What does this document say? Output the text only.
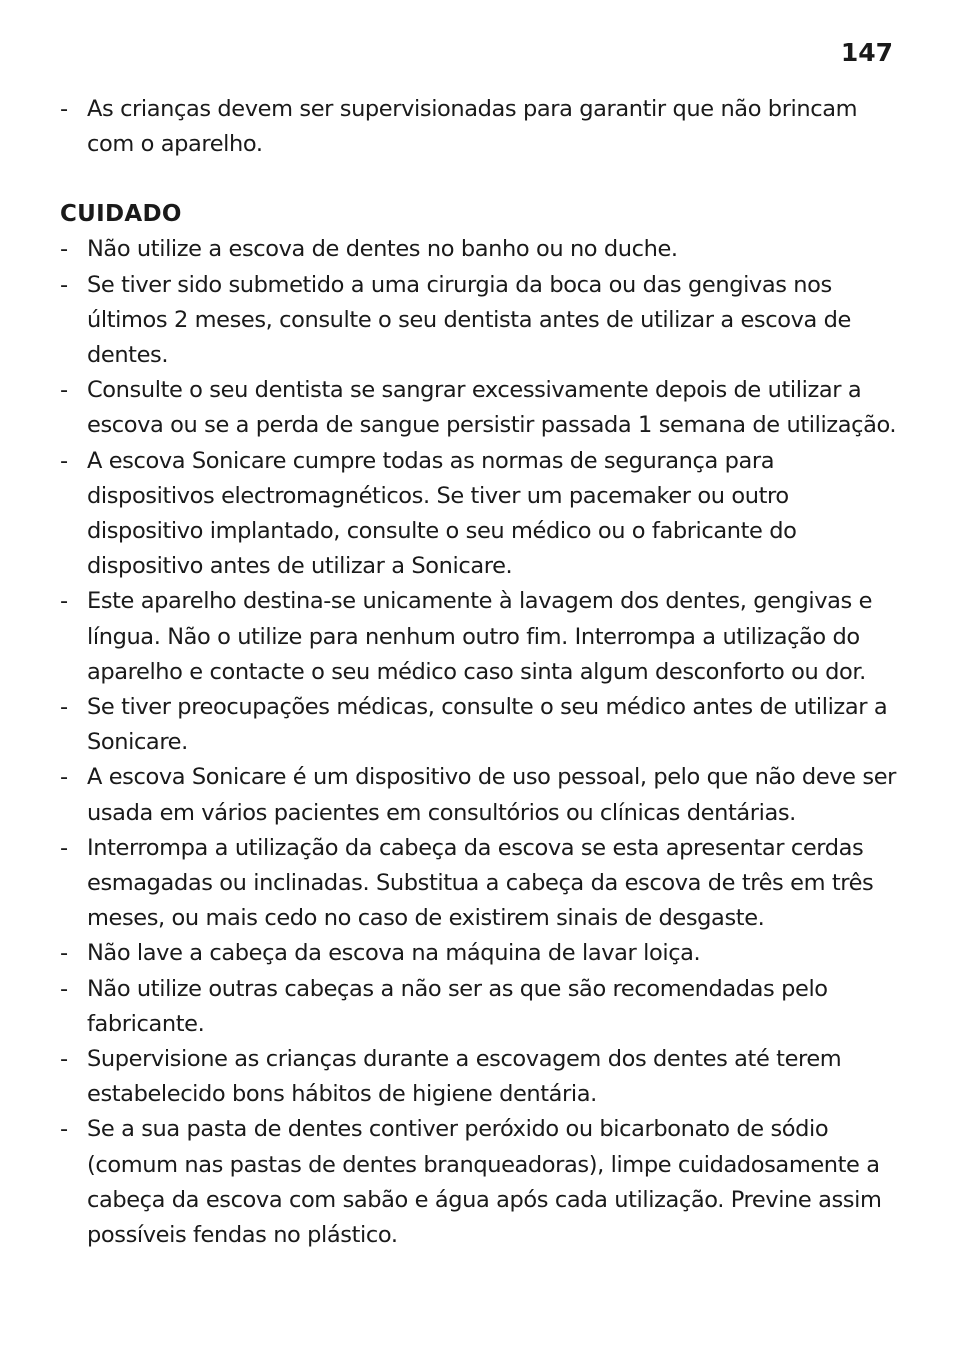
147
- As crianças devem ser supervisionadas para garantir que não brincam com o aparelho.
CUIDADO
- Não utilize a escova de dentes no banho ou no duche.
- Se tiver sido submetido a uma cirurgia da boca ou das gengivas nos últimos 2 meses, consulte o seu dentista antes de utilizar a escova de dentes.
- Consulte o seu dentista se sangrar excessivamente depois de utilizar a escova ou se a perda de sangue persistir passada 1 semana de utilização.
- A escova Sonicare cumpre todas as normas de segurança para dispositivos electromagnéticos. Se tiver um pacemaker ou outro dispositivo implantado, consulte o seu médico ou o fabricante do dispositivo antes de utilizar a Sonicare.
- Este aparelho destina-se unicamente à lavagem dos dentes, gengivas e língua. Não o utilize para nenhum outro fim. Interrompa a utilização do aparelho e contacte o seu médico caso sinta algum desconforto ou dor.
- Se tiver preocupações médicas, consulte o seu médico antes de utilizar a Sonicare.
- A escova Sonicare é um dispositivo de uso pessoal, pelo que não deve ser usada em vários pacientes em consultórios ou clínicas dentárias.
- Interrompa a utilização da cabeça da escova se esta apresentar cerdas esmagadas ou inclinadas. Substitua a cabeça da escova de três em três meses, ou mais cedo no caso de existirem sinais de desgaste.
- Não lave a cabeça da escova na máquina de lavar loiça.
- Não utilize outras cabeças a não ser as que são recomendadas pelo fabricante.
- Supervisione as crianças durante a escovagem dos dentes até terem estabelecido bons hábitos de higiene dentária.
- Se a sua pasta de dentes contiver peróxido ou bicarbonato de sódio (comum nas pastas de dentes branqueadoras), limpe cuidadosamente a cabeça da escova com sabão e água após cada utilização. Previne assim possíveis fendas no plástico.
